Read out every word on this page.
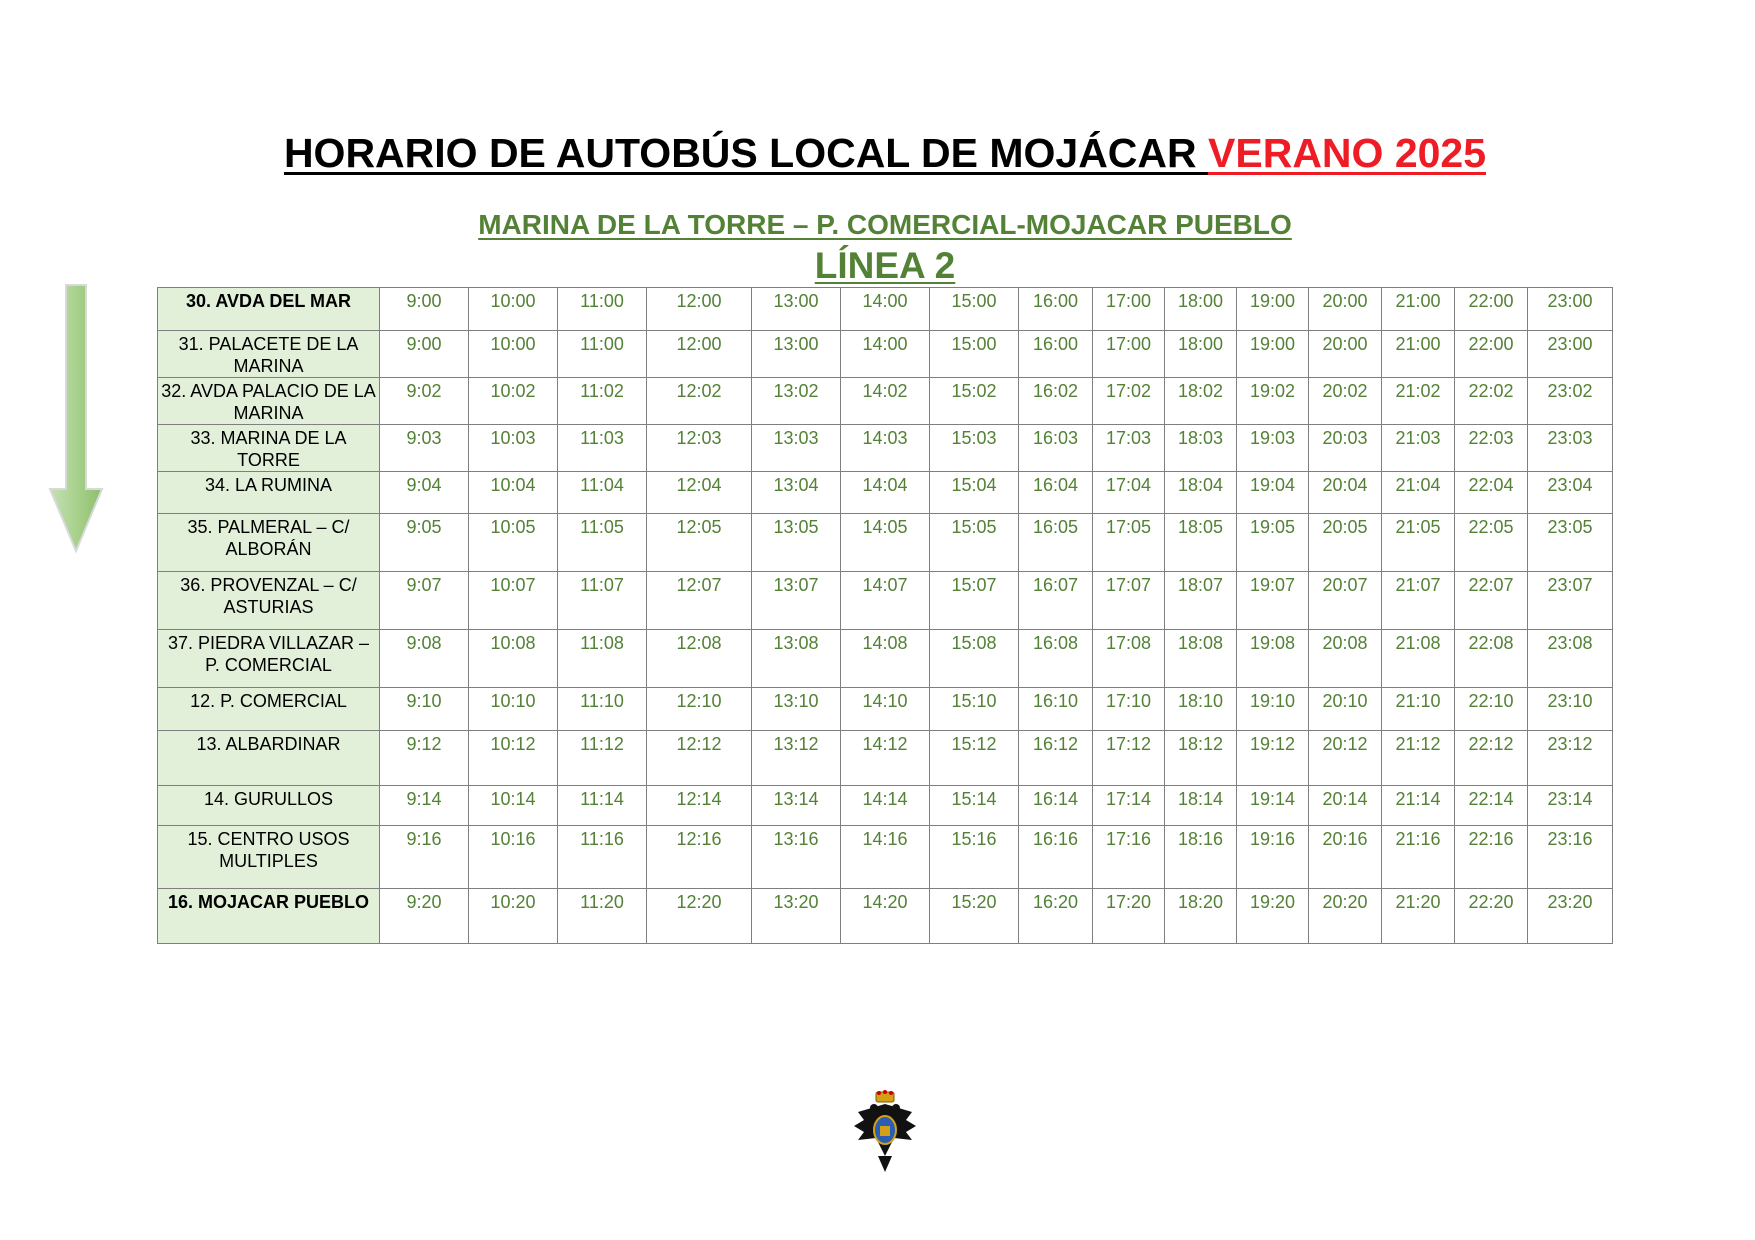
HORARIO DE AUTOBÚS LOCAL DE MOJÁCAR VERANO 2025
MARINA DE LA TORRE – P. COMERCIAL-MOJACAR PUEBLO
LÍNEA 2
30. AVDA DEL MAR	9:00	10:00	11:00	12:00	13:00	14:00	15:00	16:00	17:00	18:00	19:00	20:00	21:00	22:00	23:00
31. PALACETE DE LA MARINA	9:00	10:00	11:00	12:00	13:00	14:00	15:00	16:00	17:00	18:00	19:00	20:00	21:00	22:00	23:00
32. AVDA PALACIO DE LA MARINA	9:02	10:02	11:02	12:02	13:02	14:02	15:02	16:02	17:02	18:02	19:02	20:02	21:02	22:02	23:02
33. MARINA DE LA TORRE	9:03	10:03	11:03	12:03	13:03	14:03	15:03	16:03	17:03	18:03	19:03	20:03	21:03	22:03	23:03
34. LA RUMINA	9:04	10:04	11:04	12:04	13:04	14:04	15:04	16:04	17:04	18:04	19:04	20:04	21:04	22:04	23:04
35. PALMERAL – C/ ALBORÁN	9:05	10:05	11:05	12:05	13:05	14:05	15:05	16:05	17:05	18:05	19:05	20:05	21:05	22:05	23:05
36. PROVENZAL – C/ ASTURIAS	9:07	10:07	11:07	12:07	13:07	14:07	15:07	16:07	17:07	18:07	19:07	20:07	21:07	22:07	23:07
37. PIEDRA VILLAZAR – P. COMERCIAL	9:08	10:08	11:08	12:08	13:08	14:08	15:08	16:08	17:08	18:08	19:08	20:08	21:08	22:08	23:08
12. P. COMERCIAL	9:10	10:10	11:10	12:10	13:10	14:10	15:10	16:10	17:10	18:10	19:10	20:10	21:10	22:10	23:10
13. ALBARDINAR	9:12	10:12	11:12	12:12	13:12	14:12	15:12	16:12	17:12	18:12	19:12	20:12	21:12	22:12	23:12
14. GURULLOS	9:14	10:14	11:14	12:14	13:14	14:14	15:14	16:14	17:14	18:14	19:14	20:14	21:14	22:14	23:14
15. CENTRO USOS MULTIPLES	9:16	10:16	11:16	12:16	13:16	14:16	15:16	16:16	17:16	18:16	19:16	20:16	21:16	22:16	23:16
16. MOJACAR PUEBLO	9:20	10:20	11:20	12:20	13:20	14:20	15:20	16:20	17:20	18:20	19:20	20:20	21:20	22:20	23:20
